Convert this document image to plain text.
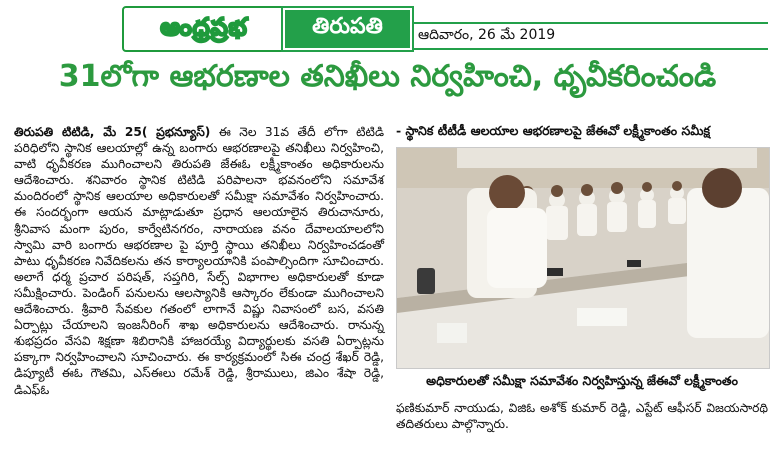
ఆంధ్రప్రభ	తిరుపతి	ఆదివారం, 26 మే 2019
31లోగా ఆభరణాల తనిఖీలు నిర్వహించి, ధృవీకరించండి
తిరుపతి టిటిడి, మే 25( ప్రభన్యూస్) ఈ నెల 31వ తేదీ లోగా టిటిడి పరిధిలోని స్థానిక ఆలయాల్లో ఉన్న బంగారు ఆభరణాలపై తనిఖీలు నిర్వహించి, వాటి ధృవీకరణ ముగించాలని తిరుపతి జేఈఓ లక్ష్మీకాంతం అధికారులను ఆదేశించారు. శనివారం స్థానిక టిటిడి పరిపాలనా భవనంలోని సమావేశ మందిరంలో స్థానిక ఆలయాల అధికారులతో సమీక్షా సమావేశం నిర్వహించారు. ఈ సందర్భంగా ఆయన మాట్లాడుతూ ప్రధాన ఆలయాలైన తిరుచానూరు, శ్రీనివాస మంగా పురం, కార్వేటినగరం, నారాయణ వనం దేవాలయాలలోని స్వామి వారి బంగారు ఆభరణాల పై పూర్తి స్థాయి తనిఖీలు నిర్వహించడంతో పాటు ధృవీకరణ నివేదికలను తన కార్యాలయానికి పంపాల్సిందిగా సూచించారు. అలాగే ధర్మ ప్రచార పరిషత్, సప్తగిరి, సేల్స్ విభాగాల అధికారులతో కూడా సమీక్షించారు. పెండింగ్ పనులను ఆలస్యానికి ఆస్కారం లేకుండా ముగించాలని ఆదేశించారు. శ్రీవారి సేవకుల గతంలో లాగానే విష్ణు నివాసంలో బస, వసతి ఏర్పాట్లు చేయాలని ఇంజనీరింగ్ శాఖ అధికారులను ఆదేశించారు. రానున్న శుభప్రదం వేసవి శిక్షణా శిబిరానికి హాజరయ్యే విద్యార్థులకు వసతి ఏర్పాట్లను పక్కాగా నిర్వహించాలని సూచించారు. ఈ కార్యక్రమంలో సిఈ చంద్ర శేఖర్ రెడ్డి, డిప్యూటీ ఈఓ గౌతమి, ఎస్ఈలు రమేశ్ రెడ్డి, శ్రీరాములు, జిఎం శేషా రెడ్డి, డిఎఫ్ఓ
- స్థానిక టీటీడీ ఆలయాల ఆభరణాలపై జేఈవో లక్ష్మీకాంతం సమీక్ష
అధికారులతో సమీక్షా సమావేశం నిర్వహిస్తున్న జేఈవో లక్ష్మీకాంతం
ఫణికుమార్ నాయుడు, విజిఓ అశోక్ కుమార్ రెడ్డి, ఎస్టేట్ ఆఫీసర్ విజయసారథి తదితరులు పాల్గొన్నారు.
